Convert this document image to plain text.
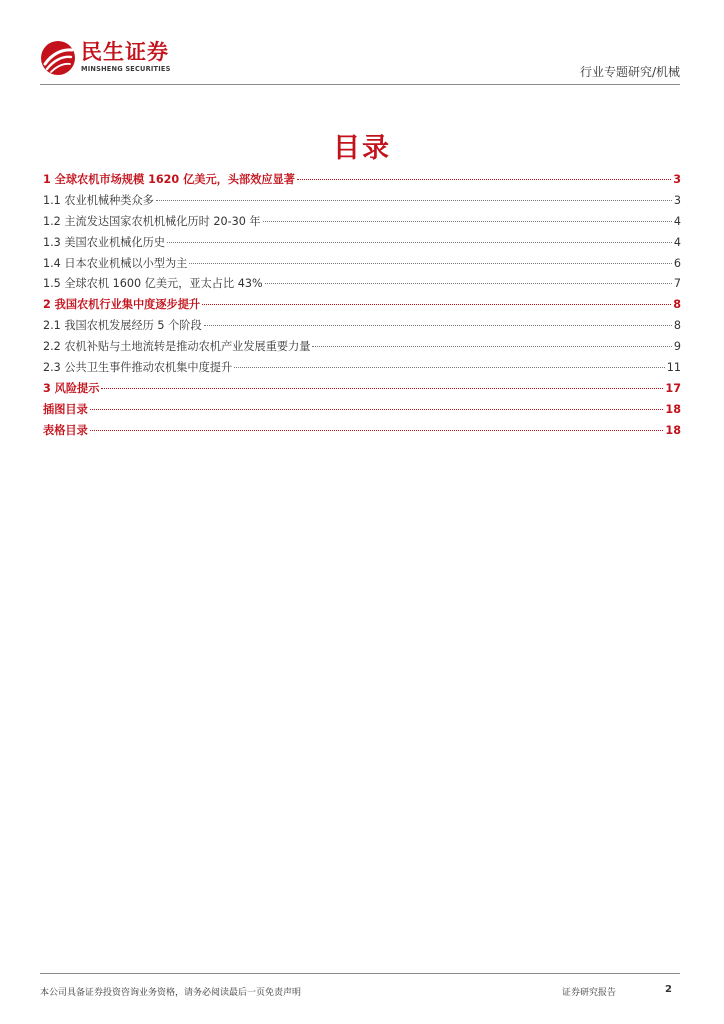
民生证券
MINSHENG SECURITIES	行业专题研究/机械
目录
1 全球农机市场规模 1620 亿美元，头部效应显著	3
1.1 农业机械种类众多	3
1.2 主流发达国家农机机械化历时 20-30 年	4
1.3 美国农业机械化历史	4
1.4 日本农业机械以小型为主	6
1.5 全球农机 1600 亿美元，亚太占比 43%	7
2 我国农机行业集中度逐步提升	8
2.1 我国农机发展经历 5 个阶段	8
2.2 农机补贴与土地流转是推动农机产业发展重要力量	9
2.3 公共卫生事件推动农机集中度提升	11
3 风险提示	17
插图目录	18
表格目录	18
本公司具备证券投资咨询业务资格，请务必阅读最后一页免责声明	证券研究报告	2
